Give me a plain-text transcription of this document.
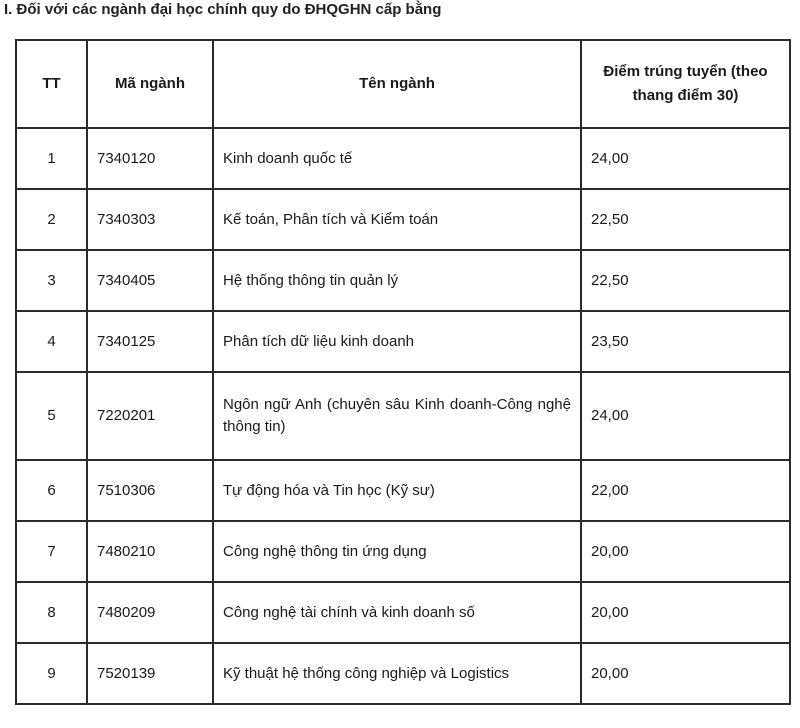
I. Đối với các ngành đại học chính quy do ĐHQGHN cấp bằng
TT	Mã ngành	Tên ngành	Điểm trúng tuyển (theo thang điểm 30)
1	7340120	Kinh doanh quốc tế	24,00
2	7340303	Kế toán, Phân tích và Kiểm toán	22,50
3	7340405	Hệ thống thông tin quản lý	22,50
4	7340125	Phân tích dữ liệu kinh doanh	23,50
5	7220201	Ngôn ngữ Anh (chuyên sâu Kinh doanh-Công nghệ thông tin)	24,00
6	7510306	Tự động hóa và Tin học (Kỹ sư)	22,00
7	7480210	Công nghệ thông tin ứng dụng	20,00
8	7480209	Công nghệ tài chính và kinh doanh số	20,00
9	7520139	Kỹ thuật hệ thống công nghiệp và Logistics	20,00
